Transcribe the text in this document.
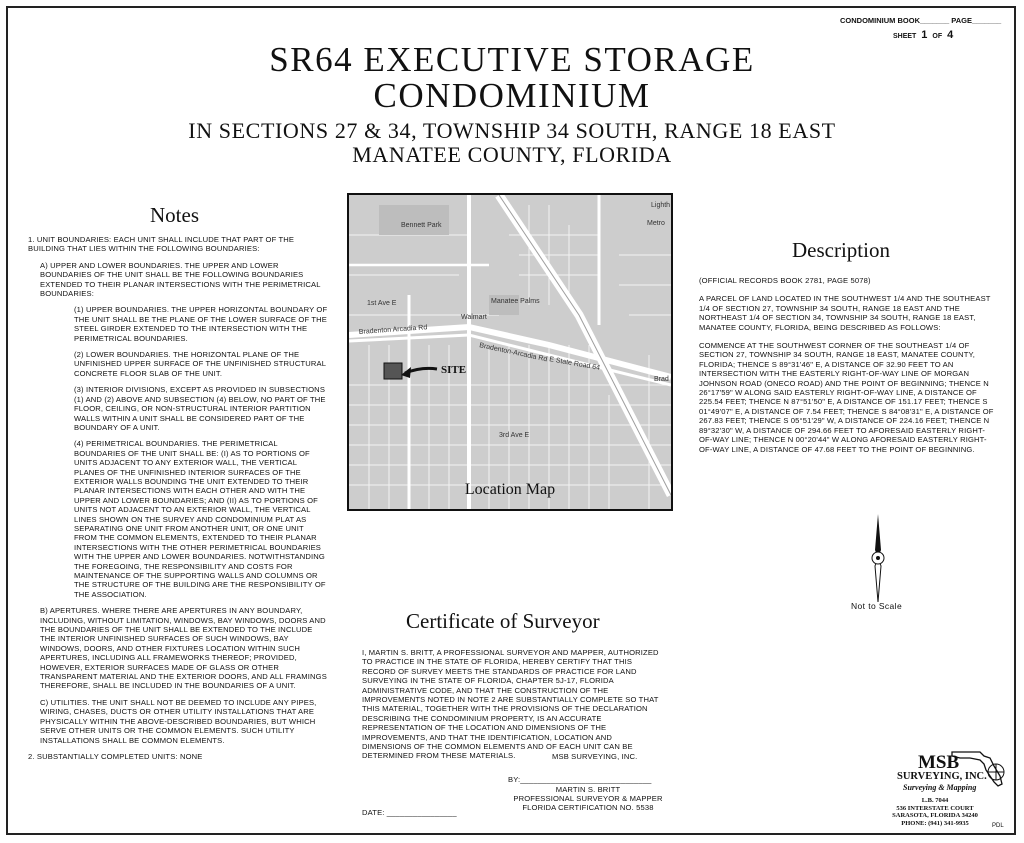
CONDOMINIUM BOOK_______ PAGE_______
SHEET 1 OF 4
SR64 EXECUTIVE STORAGE
CONDOMINIUM
IN SECTIONS 27 & 34, TOWNSHIP 34 SOUTH, RANGE 18 EAST
MANATEE COUNTY, FLORIDA
Notes

1. UNIT BOUNDARIES: EACH UNIT SHALL INCLUDE THAT PART OF THE BUILDING THAT LIES WITHIN THE FOLLOWING BOUNDARIES:

A) UPPER AND LOWER BOUNDARIES. THE UPPER AND LOWER BOUNDARIES OF THE UNIT SHALL BE THE FOLLOWING BOUNDARIES EXTENDED TO THEIR PLANAR INTERSECTIONS WITH THE PERIMETRICAL BOUNDARIES:

(1) UPPER BOUNDARIES. THE UPPER HORIZONTAL BOUNDARY OF THE UNIT SHALL BE THE PLANE OF THE LOWER SURFACE OF THE STEEL GIRDER EXTENDED TO THE INTERSECTION WITH THE PERIMETRICAL BOUNDARIES.

(2) LOWER BOUNDARIES. THE HORIZONTAL PLANE OF THE UNFINISHED UPPER SURFACE OF THE UNFINISHED STRUCTURAL CONCRETE FLOOR SLAB OF THE UNIT.

(3) INTERIOR DIVISIONS, EXCEPT AS PROVIDED IN SUBSECTIONS (1) AND (2) ABOVE AND SUBSECTION (4) BELOW, NO PART OF THE FLOOR, CEILING, OR NON-STRUCTURAL INTERIOR PARTITION WALLS WITHIN A UNIT SHALL BE CONSIDERED PART OF THE BOUNDARY OF A UNIT.

(4) PERIMETRICAL BOUNDARIES. THE PERIMETRICAL BOUNDARIES OF THE UNIT SHALL BE: (I) AS TO PORTIONS OF UNITS ADJACENT TO ANY EXTERIOR WALL, THE VERTICAL PLANES OF THE UNFINISHED INTERIOR SURFACES OF THE EXTERIOR WALLS BOUNDING THE UNIT EXTENDED TO THEIR PLANAR INTERSECTIONS WITH EACH OTHER AND WITH THE UPPER AND LOWER BOUNDARIES; AND (II) AS TO PORTIONS OF UNITS NOT ADJACENT TO AN EXTERIOR WALL, THE VERTICAL LINES SHOWN ON THE SURVEY AND CONDOMINIUM PLAT AS SEPARATING ONE UNIT FROM ANOTHER UNIT, OR ONE UNIT FROM THE COMMON ELEMENTS, EXTENDED TO THEIR PLANAR INTERSECTIONS WITH THE OTHER PERIMETRICAL BOUNDARIES WITH THE UPPER AND LOWER BOUNDARIES. NOTWITHSTANDING THE FOREGOING, THE RESPONSIBILITY AND COSTS FOR MAINTENANCE OF THE SUPPORTING WALLS AND COLUMNS OR THE STRUCTURE OF THE BUILDING ARE THE RESPONSIBILITY OF THE ASSOCIATION.

B) APERTURES. WHERE THERE ARE APERTURES IN ANY BOUNDARY, INCLUDING, WITHOUT LIMITATION, WINDOWS, BAY WINDOWS, DOORS AND THE BOUNDARIES OF THE UNIT SHALL BE EXTENDED TO THE INCLUDE THE INTERIOR UNFINISHED SURFACES OF SUCH WINDOWS, BAY WINDOWS, DOORS, AND OTHER FIXTURES LOCATION WITHIN SUCH APERTURES, INCLUDING ALL FRAMEWORKS THEREOF; PROVIDED, HOWEVER, EXTERIOR SURFACES MADE OF GLASS OR OTHER TRANSPARENT MATERIAL AND THE EXTERIOR DOORS, AND ALL FRAMINGS THEREFORE, SHALL BE INCLUDED IN THE BOUNDARIES OF A UNIT.

C) UTILITIES. THE UNIT SHALL NOT BE DEEMED TO INCLUDE ANY PIPES, WIRING, CHASES, DUCTS OR OTHER UTILITY INSTALLATIONS THAT ARE PHYSICALLY WITHIN THE ABOVE-DESCRIBED BOUNDARIES, BUT WHICH SERVE OTHER UNITS OR THE COMMON ELEMENTS. SUCH UTILITY INSTALLATIONS SHALL BE COMMON ELEMENTS.

2. SUBSTANTIALLY COMPLETED UNITS: NONE

Bennett Park
Manatee Palms
Walmart
Bradenton Arcadia Rd
Bradenton-Arcadia Rd
E State Road 64
Lighth
Metro
Brad
1st Ave E
3rd Ave E
SITE
Location Map
Description

(OFFICIAL RECORDS BOOK 2781, PAGE 5078)

A PARCEL OF LAND LOCATED IN THE SOUTHWEST 1/4 AND THE SOUTHEAST 1/4 OF SECTION 27, TOWNSHIP 34 SOUTH, RANGE 18 EAST AND THE NORTHEAST 1/4 OF SECTION 34, TOWNSHIP 34 SOUTH, RANGE 18 EAST, MANATEE COUNTY, FLORIDA, BEING DESCRIBED AS FOLLOWS:

COMMENCE AT THE SOUTHWEST CORNER OF THE SOUTHEAST 1/4 OF SECTION 27, TOWNSHIP 34 SOUTH, RANGE 18 EAST, MANATEE COUNTY, FLORIDA; THENCE S 89°31'46" E, A DISTANCE OF 32.90 FEET TO AN INTERSECTION WITH THE EASTERLY RIGHT-OF-WAY LINE OF MORGAN JOHNSON ROAD (ONECO ROAD) AND THE POINT OF BEGINNING; THENCE N 26°17'59" W ALONG SAID EASTERLY RIGHT-OF-WAY LINE, A DISTANCE OF 225.54 FEET; THENCE N 87°51'50" E, A DISTANCE OF 151.17 FEET; THENCE S 01°49'07" E, A DISTANCE OF 7.54 FEET; THENCE S 84°08'31" E, A DISTANCE OF 267.83 FEET; THENCE S 05°51'29" W, A DISTANCE OF 224.16 FEET; THENCE N 89°32'30" W, A DISTANCE OF 294.66 FEET TO AFORESAID EASTERLY RIGHT-OF-WAY LINE; THENCE N 00°20'44" W ALONG AFORESAID EASTERLY RIGHT-OF-WAY LINE, A DISTANCE OF 47.68 FEET TO THE POINT OF BEGINNING.

Not to Scale
Certificate of Surveyor
I, MARTIN S. BRITT, A PROFESSIONAL SURVEYOR AND MAPPER, AUTHORIZED TO PRACTICE IN THE STATE OF FLORIDA, HEREBY CERTIFY THAT THIS RECORD OF SURVEY MEETS THE STANDARDS OF PRACTICE FOR LAND SURVEYING IN THE STATE OF FLORIDA, CHAPTER 5J-17, FLORIDA ADMINISTRATIVE CODE, AND THAT THE CONSTRUCTION OF THE IMPROVEMENTS NOTED IN NOTE 2 ARE SUBSTANTIALLY COMPLETE SO THAT THIS MATERIAL, TOGETHER WITH THE PROVISIONS OF THE DECLARATION DESCRIBING THE CONDOMINIUM PROPERTY, IS AN ACCURATE REPRESENTATION OF THE LOCATION AND DIMENSIONS OF THE IMPROVEMENTS, AND THAT THE IDENTIFICATION, LOCATION AND DIMENSIONS OF THE COMMON ELEMENTS AND OF EACH UNIT CAN BE DETERMINED FROM THESE MATERIALS.	MSB SURVEYING, INC.
BY:______________________________
MARTIN S. BRITT
PROFESSIONAL SURVEYOR & MAPPER
FLORIDA CERTIFICATION NO. 5538
DATE: ________________
MSB
SURVEYING, INC.
Surveying & Mapping
L.B. 7044
536 INTERSTATE COURT
SARASOTA, FLORIDA 34240
PHONE: (941) 341-9935	PDL
